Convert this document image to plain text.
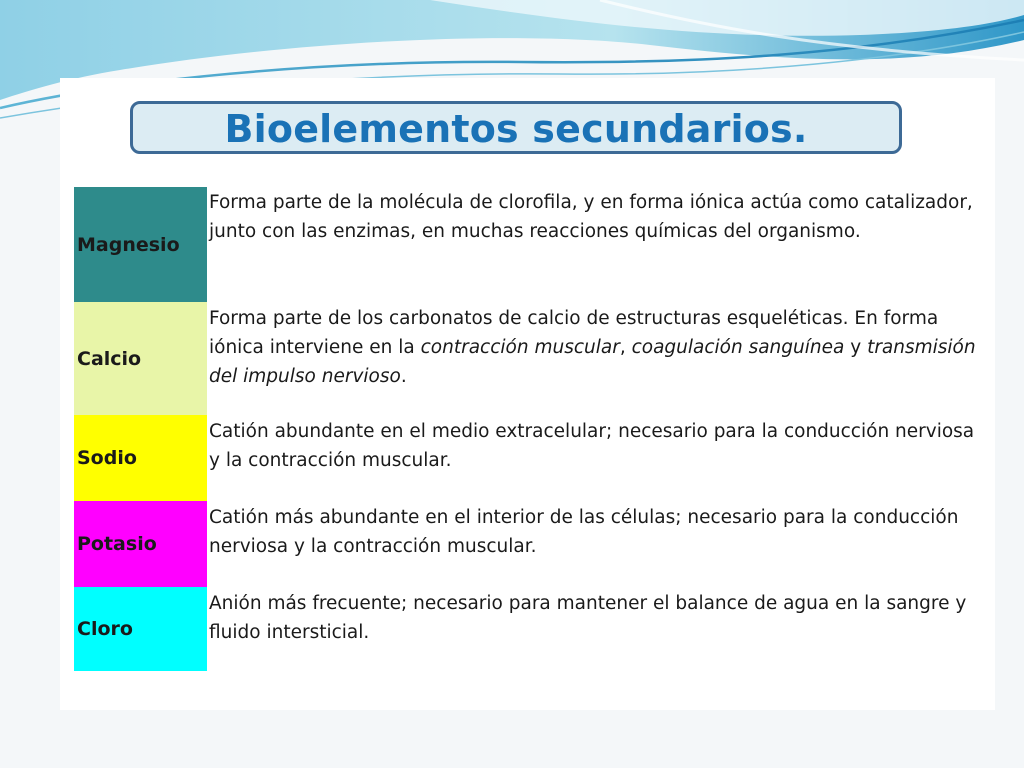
Bioelementos secundarios.
Magnesio
Forma parte de la molécula de clorofila, y en forma iónica actúa como catalizador, junto con las enzimas, en muchas reacciones químicas del organismo.
Calcio
Forma parte de los carbonatos de calcio de estructuras esqueléticas. En forma iónica interviene en la contracción muscular, coagulación sanguínea y transmisión del impulso nervioso.
Sodio
Catión abundante en el medio extracelular; necesario para la conducción nerviosa y la contracción muscular.
Potasio
Catión más abundante en el interior de las células; necesario para la conducción nerviosa y la contracción muscular.
Cloro
Anión más frecuente; necesario para mantener el balance de agua en la sangre y fluido intersticial.
